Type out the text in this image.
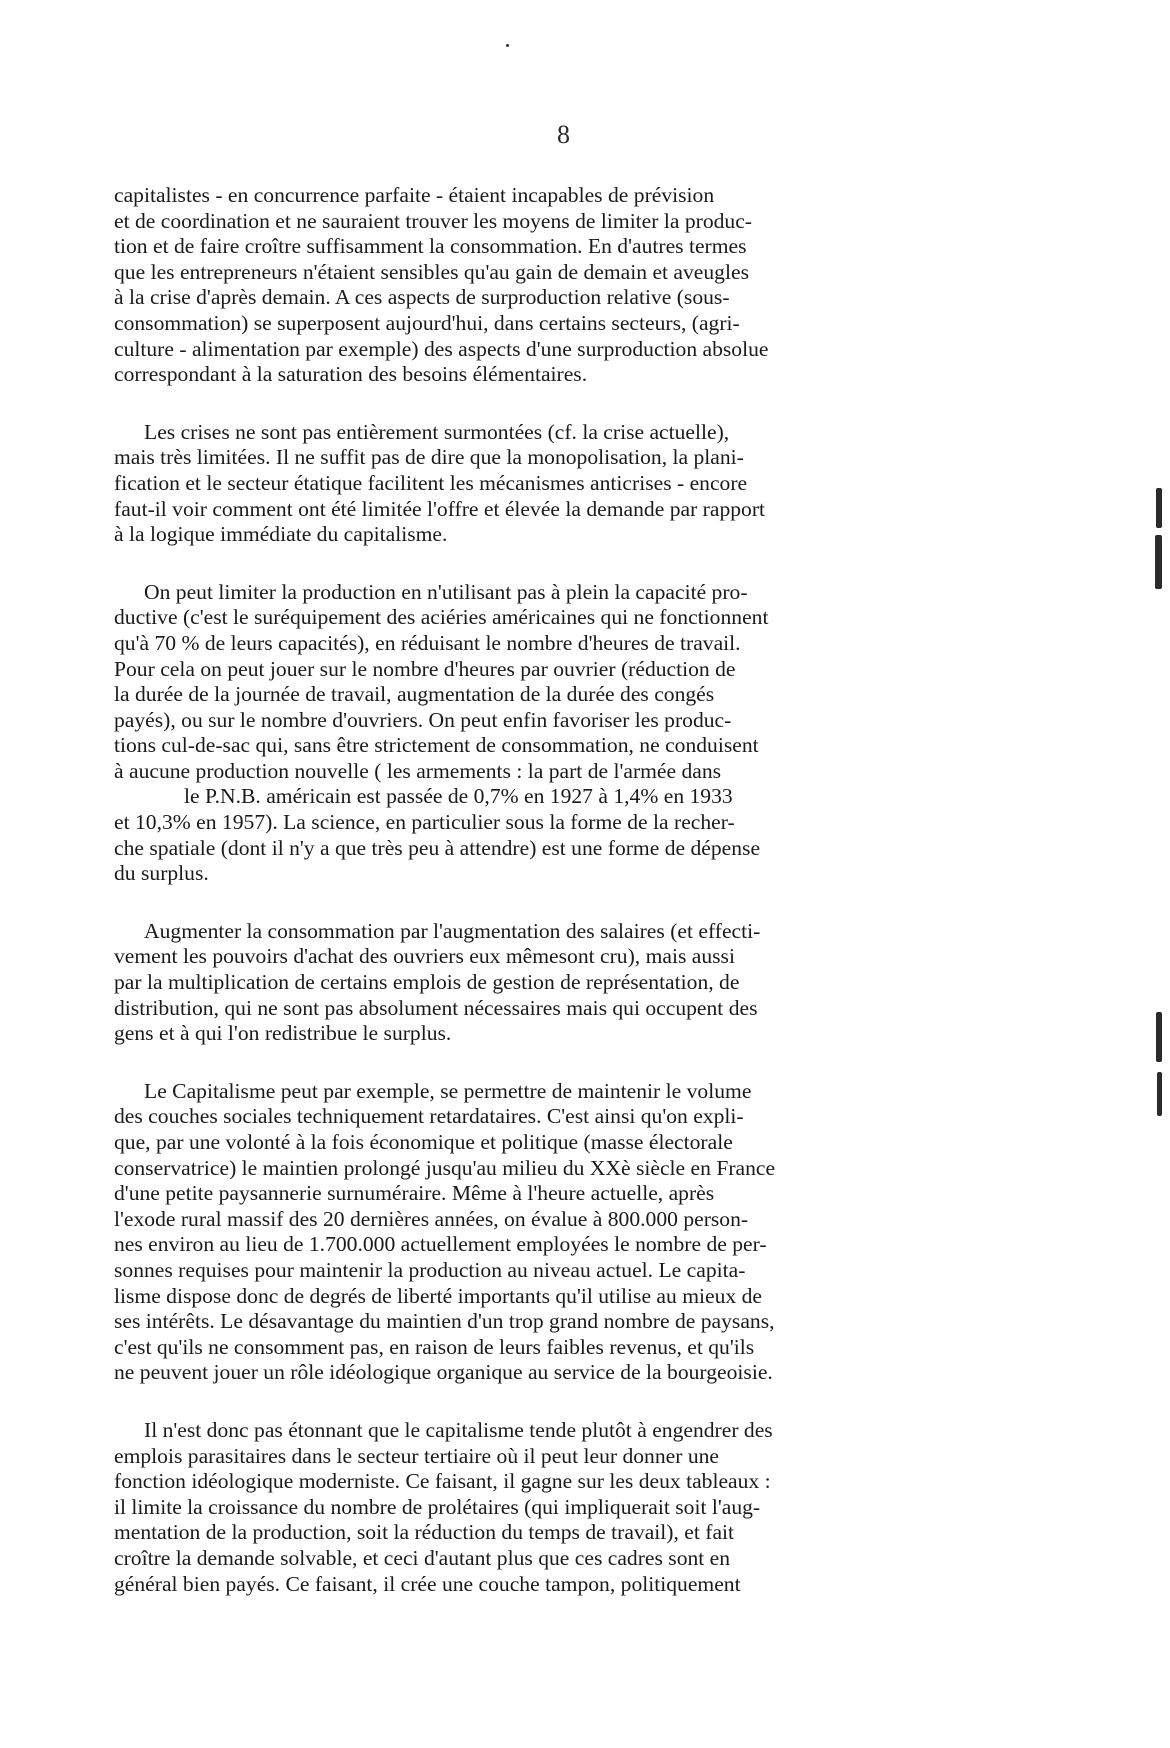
8

capitalistes - en concurrence parfaite - étaient incapables de prévision
et de coordination et ne sauraient trouver les moyens de limiter la produc-
tion et de faire croître suffisamment la consommation. En d'autres termes
que les entrepreneurs n'étaient sensibles qu'au gain de demain et aveugles
à la crise d'après demain. A ces aspects de surproduction relative (sous-
consommation) se superposent aujourd'hui, dans certains secteurs, (agri-
culture - alimentation par exemple) des aspects d'une surproduction absolue
correspondant à la saturation des besoins élémentaires.

Les crises ne sont pas entièrement surmontées (cf. la crise actuelle),
mais très limitées. Il ne suffit pas de dire que la monopolisation, la plani-
fication et le secteur étatique facilitent les mécanismes anticrises - encore
faut-il voir comment ont été limitée l'offre et élevée la demande par rapport
à la logique immédiate du capitalisme.

On peut limiter la production en n'utilisant pas à plein la capacité pro-
ductive (c'est le suréquipement des aciéries américaines qui ne fonctionnent
qu'à 70 % de leurs capacités), en réduisant le nombre d'heures de travail.
Pour cela on peut jouer sur le nombre d'heures par ouvrier (réduction de
la durée de la journée de travail, augmentation de la durée des congés
payés), ou sur le nombre d'ouvriers. On peut enfin favoriser les produc-
tions cul-de-sac qui, sans être strictement de consommation, ne conduisent
à aucune production nouvelle ( les armements : la part de l'armée dans
le P.N.B. américain est passée de 0,7% en 1927 à 1,4% en 1933
et 10,3% en 1957). La science, en particulier sous la forme de la recher-
che spatiale (dont il n'y a que très peu à attendre) est une forme de dépense
du surplus.

Augmenter la consommation par l'augmentation des salaires (et effecti-
vement les pouvoirs d'achat des ouvriers eux mêmesont cru), mais aussi
par la multiplication de certains emplois de gestion de représentation, de
distribution, qui ne sont pas absolument nécessaires mais qui occupent des
gens et à qui l'on redistribue le surplus.

Le Capitalisme peut par exemple, se permettre de maintenir le volume
des couches sociales techniquement retardataires. C'est ainsi qu'on expli-
que, par une volonté à la fois économique et politique (masse électorale
conservatrice) le maintien prolongé jusqu'au milieu du XXè siècle en France
d'une petite paysannerie surnuméraire. Même à l'heure actuelle, après
l'exode rural massif des 20 dernières années, on évalue à 800.000 person-
nes environ au lieu de 1.700.000 actuellement employées le nombre de per-
sonnes requises pour maintenir la production au niveau actuel. Le capita-
lisme dispose donc de degrés de liberté importants qu'il utilise au mieux de
ses intérêts. Le désavantage du maintien d'un trop grand nombre de paysans,
c'est qu'ils ne consomment pas, en raison de leurs faibles revenus, et qu'ils
ne peuvent jouer un rôle idéologique organique au service de la bourgeoisie.

Il n'est donc pas étonnant que le capitalisme tende plutôt à engendrer des
emplois parasitaires dans le secteur tertiaire où il peut leur donner une
fonction idéologique moderniste. Ce faisant, il gagne sur les deux tableaux :
il limite la croissance du nombre de prolétaires (qui impliquerait soit l'aug-
mentation de la production, soit la réduction du temps de travail), et fait
croître la demande solvable, et ceci d'autant plus que ces cadres sont en
général bien payés. Ce faisant, il crée une couche tampon, politiquement
